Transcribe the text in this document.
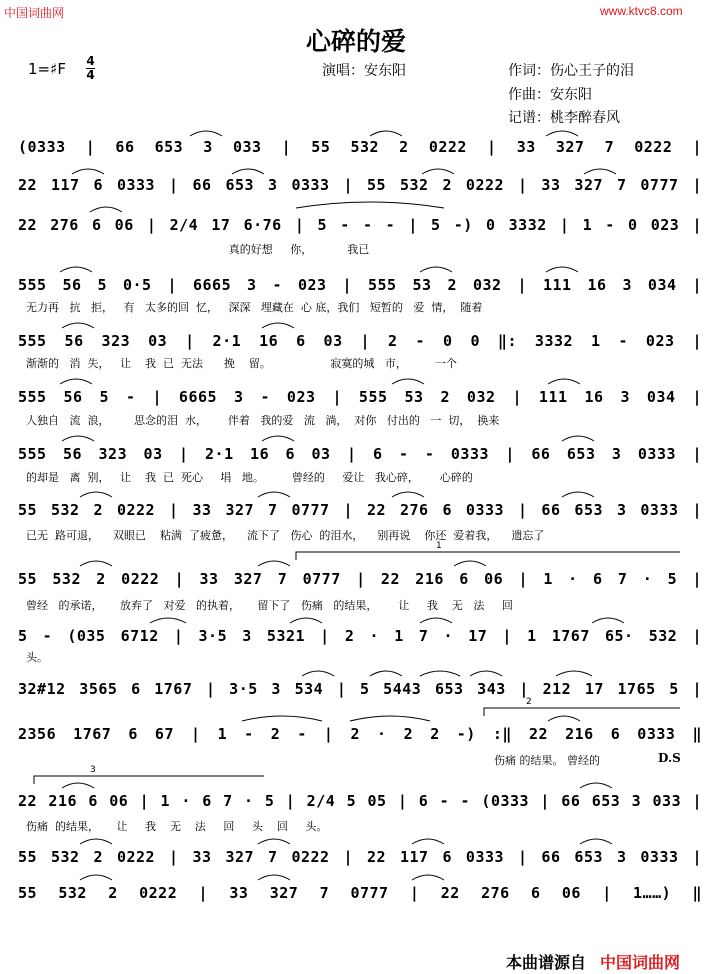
中国词曲网	www.ktvc8.com
心碎的爱
1=♯F 4
4	演唱：安东阳	作词：伤心王子的泪
作曲：安东阳
记谱：桃李醉春风
(0333 | 66 653 3 033 | 55 532 2 0222 | 33 327 7 0222 |
22 117 6 0333 | 66 653 3 0333 | 55 532 2 0222 | 33 327 7 0777 |
22 276 6 06 | 2/4 17 6·76 | 5 - - - | 5 -) 0 3332 | 1 - 0 023 |
真的好想     你，          我已
555 56 5 0·5 | 6665 3 - 023 | 555 53 2 032 | 111 16 3 034 |
无力再   抗   拒，   有   太多的回  忆，   深深   埋藏在  心 底，我们   短暂的   爱  情，  随着
555 56 323 03 | 2·1 16 6 03 | 2 - 0 0 ‖: 3332 1 - 023 |
渐渐的   消  失，   让    我  已  无法      挽    留。                 寂寞的城   市，        一个
555 56 5 - | 6665 3 - 023 | 555 53 2 032 | 111 16 3 034 |
人独自   流  浪，       思念的泪  水，      伴着   我的爱   流   淌，  对你   付出的   一  切，  换来
555 56 323 03 | 2·1 16 6 03 | 6 - - 0333 | 66 653 3 0333 |
的却是   离  别，   让    我  已  死心     埍   地。        曾经的     爱让   我心碎，      心碎的
55 532 2 0222 | 33 327 7 0777 | 22 276 6 0333 | 66 653 3 0333 |
已无  路可退，    双眼已    粘满  了疲惫，    流下了   伤心  的泪水，    别再说    你还  爱着我，    遗忘了
55 532 2 0222 | 33 327 7 0777 | 22 216 6 06 | 1 · 6 7 · 5 |
曾经   的承诺，     放弃了   对爱   的执着，     留下了   伤痛   的结果，      让     我    无   法     回
5 - (035 6712 | 3·5 3 5321 | 2 · 1 7 · 17 | 1 1767 65· 532 |
头。
32#12 3565 6 1767 | 3·5 3 534 | 5 5443 653 343 | 212 17 1765 5 |
2356 1767 6 67 | 1 - 2 - | 2 · 2 2 -) :‖ 22 216 6 0333 ‖
伤痛 的结果。 曾经的	D.S
22 216 6 06 | 1 · 6 7 · 5 | 2/4 5 05 | 6 - - (0333 | 66 653 3 033 |
伤痛  的结果，     让     我    无    法     回     头    回     头。
55 532 2 0222 | 33 327 7 0222 | 22 117 6 0333 | 66 653 3 0333 |
55 532 2 0222 | 33 327 7 0777 | 22 276 6 06 | 1……) ‖
1
2
3
本曲谱源自 中国词曲网
